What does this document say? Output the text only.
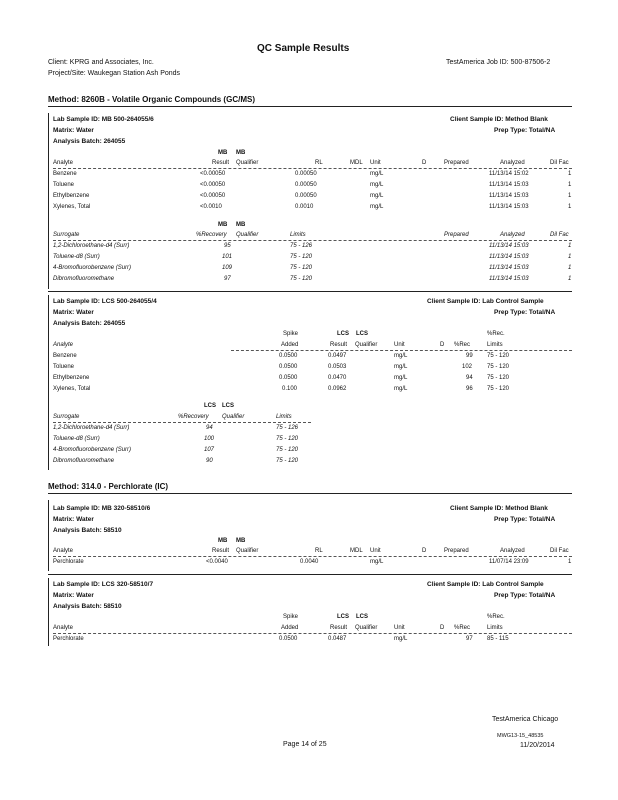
QC Sample Results
Client: KPRG and Associates, Inc.
Project/Site: Waukegan Station Ash Ponds
TestAmerica Job ID: 500-87506-2
Method: 8260B - Volatile Organic Compounds (GC/MS)
Lab Sample ID: MB 500-264055/6	Client Sample ID: Method Blank
Matrix: Water	Prep Type: Total/NA
Analysis Batch: 264055
MB MB
Analyte	Result Qualifier	RL	MDL Unit	D	Prepared	Analyzed	Dil Fac
Benzene	<0.00050	0.00050	mg/L	11/13/14 15:02	1
Toluene	<0.00050	0.00050	mg/L	11/13/14 15:03	1
Ethylbenzene	<0.00050	0.00050	mg/L	11/13/14 15:03	1
Xylenes, Total	<0.0010	0.0010	mg/L	11/13/14 15:03	1
MB MB
Surrogate	%Recovery Qualifier	Limits	Prepared	Analyzed	Dil Fac
1,2-Dichloroethane-d4 (Surr)	95	75 - 126	11/13/14 15:03	1
Toluene-d8 (Surr)	101	75 - 120	11/13/14 15:03	1
4-Bromofluorobenzene (Surr)	109	75 - 120	11/13/14 15:03	1
Dibromofluoromethane	97	75 - 120	11/13/14 15:03	1
Lab Sample ID: LCS 500-264055/4	Client Sample ID: Lab Control Sample
Matrix: Water	Prep Type: Total/NA
Analysis Batch: 264055
Spike	LCS LCS	%Rec.
Analyte	Added	Result Qualifier	Unit	D %Rec	Limits
Benzene	0.0500	0.0497	mg/L	99 75 - 120
Toluene	0.0500	0.0503	mg/L	102 75 - 120
Ethylbenzene	0.0500	0.0470	mg/L	94 75 - 120
Xylenes, Total	0.100	0.0962	mg/L	96 75 - 120
LCS LCS
Surrogate	%Recovery Qualifier	Limits
1,2-Dichloroethane-d4 (Surr)	94	75 - 126
Toluene-d8 (Surr)	100	75 - 120
4-Bromofluorobenzene (Surr)	107	75 - 120
Dibromofluoromethane	90	75 - 120
Method: 314.0 - Perchlorate (IC)
Lab Sample ID: MB 320-58510/6	Client Sample ID: Method Blank
Matrix: Water	Prep Type: Total/NA
Analysis Batch: 58510
MB MB
Analyte	Result Qualifier	RL	MDL Unit	D	Prepared	Analyzed	Dil Fac
Perchlorate	<0.0040	0.0040	mg/L	11/07/14 23:09	1
Lab Sample ID: LCS 320-58510/7	Client Sample ID: Lab Control Sample
Matrix: Water	Prep Type: Total/NA
Analysis Batch: 58510
Spike	LCS LCS	%Rec.
Analyte	Added	Result Qualifier	Unit	D %Rec	Limits
Perchlorate	0.0500	0.0487	mg/L	97 85 - 115
TestAmerica Chicago
Page 14 of 25
MWG13-15_48535
11/20/2014
